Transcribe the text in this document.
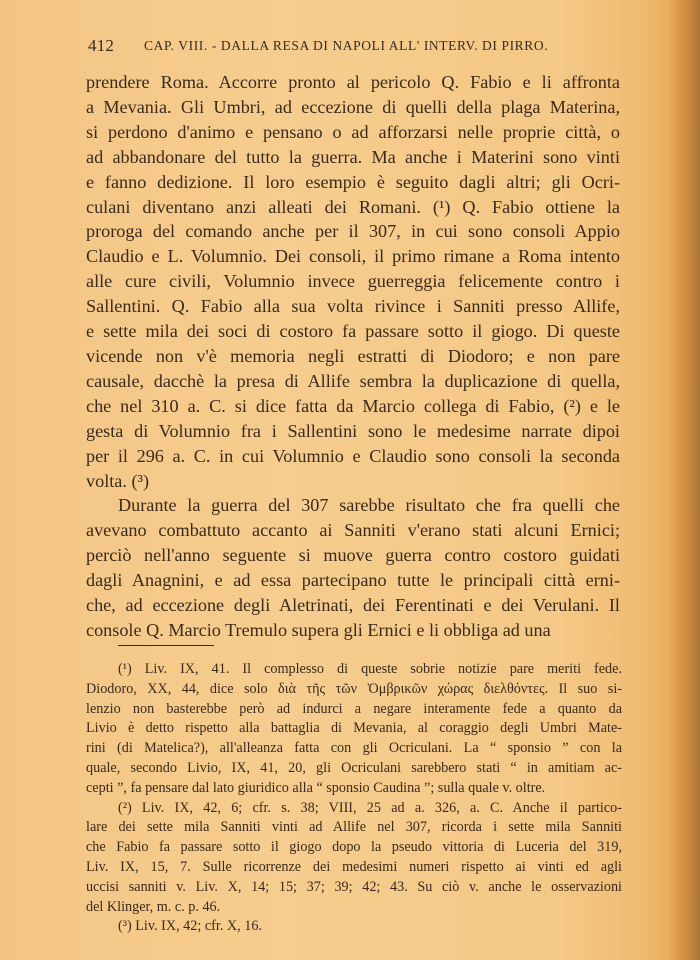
412 CAP. VIII. - DALLA RESA DI NAPOLI ALL' INTERV. DI PIRRO.
prendere Roma. Accorre pronto al pericolo Q. Fabio e li affronta
a Mevania. Gli Umbri, ad eccezione di quelli della plaga Materina,
si perdono d'animo e pensano o ad afforzarsi nelle proprie città, o
ad abbandonare del tutto la guerra. Ma anche i Materini sono vinti
e fanno dedizione. Il loro esempio è seguito dagli altri; gli Ocri-
culani diventano anzi alleati dei Romani. (¹) Q. Fabio ottiene la
proroga del comando anche per il 307, in cui sono consoli Appio
Claudio e L. Volumnio. Dei consoli, il primo rimane a Roma intento
alle cure civili, Volumnio invece guerreggia felicemente contro i
Sallentini. Q. Fabio alla sua volta rivince i Sanniti presso Allife,
e sette mila dei soci di costoro fa passare sotto il giogo. Di queste
vicende non v'è memoria negli estratti di Diodoro; e non pare
causale, dacchè la presa di Allife sembra la duplicazione di quella,
che nel 310 a. C. si dice fatta da Marcio collega di Fabio, (²) e le
gesta di Volumnio fra i Sallentini sono le medesime narrate dipoi
per il 296 a. C. in cui Volumnio e Claudio sono consoli la seconda
volta. (³)
Durante la guerra del 307 sarebbe risultato che fra quelli che
avevano combattuto accanto ai Sanniti v'erano stati alcuni Ernici;
perciò nell'anno seguente si muove guerra contro costoro guidati
dagli Anagnini, e ad essa partecipano tutte le principali città erni-
che, ad eccezione degli Aletrinati, dei Ferentinati e dei Verulani. Il
console Q. Marcio Tremulo supera gli Ernici e li obbliga ad una
(¹) Liv. IX, 41. Il complesso di queste sobrie notizie pare meriti fede.
Diodoro, XX, 44, dice solo διὰ τῆς τῶν Ὀμβρικῶν χώρας διελθόντες. Il suo si-
lenzio non basterebbe però ad indurci a negare interamente fede a quanto da
Livio è detto rispetto alla battaglia di Mevania, al coraggio degli Umbri Mate-
rini (di Matelica?), all'alleanza fatta con gli Ocriculani. La “ sponsio ” con la
quale, secondo Livio, IX, 41, 20, gli Ocriculani sarebbero stati “ in amitiam ac-
cepti ”, fa pensare dal lato giuridico alla “ sponsio Caudina ”; sulla quale v. oltre.
(²) Liv. IX, 42, 6; cfr. s. 38; VIII, 25 ad a. 326, a. C. Anche il partico-
lare dei sette mila Sanniti vinti ad Allife nel 307, ricorda i sette mila Sanniti
che Fabio fa passare sotto il giogo dopo la pseudo vittoria di Luceria del 319,
Liv. IX, 15, 7. Sulle ricorrenze dei medesimi numeri rispetto ai vinti ed agli
uccisi sanniti v. Liv. X, 14; 15; 37; 39; 42; 43. Su ciò v. anche le osservazioni
del Klinger, m. c. p. 46.
(³) Liv. IX, 42; cfr. X, 16.
